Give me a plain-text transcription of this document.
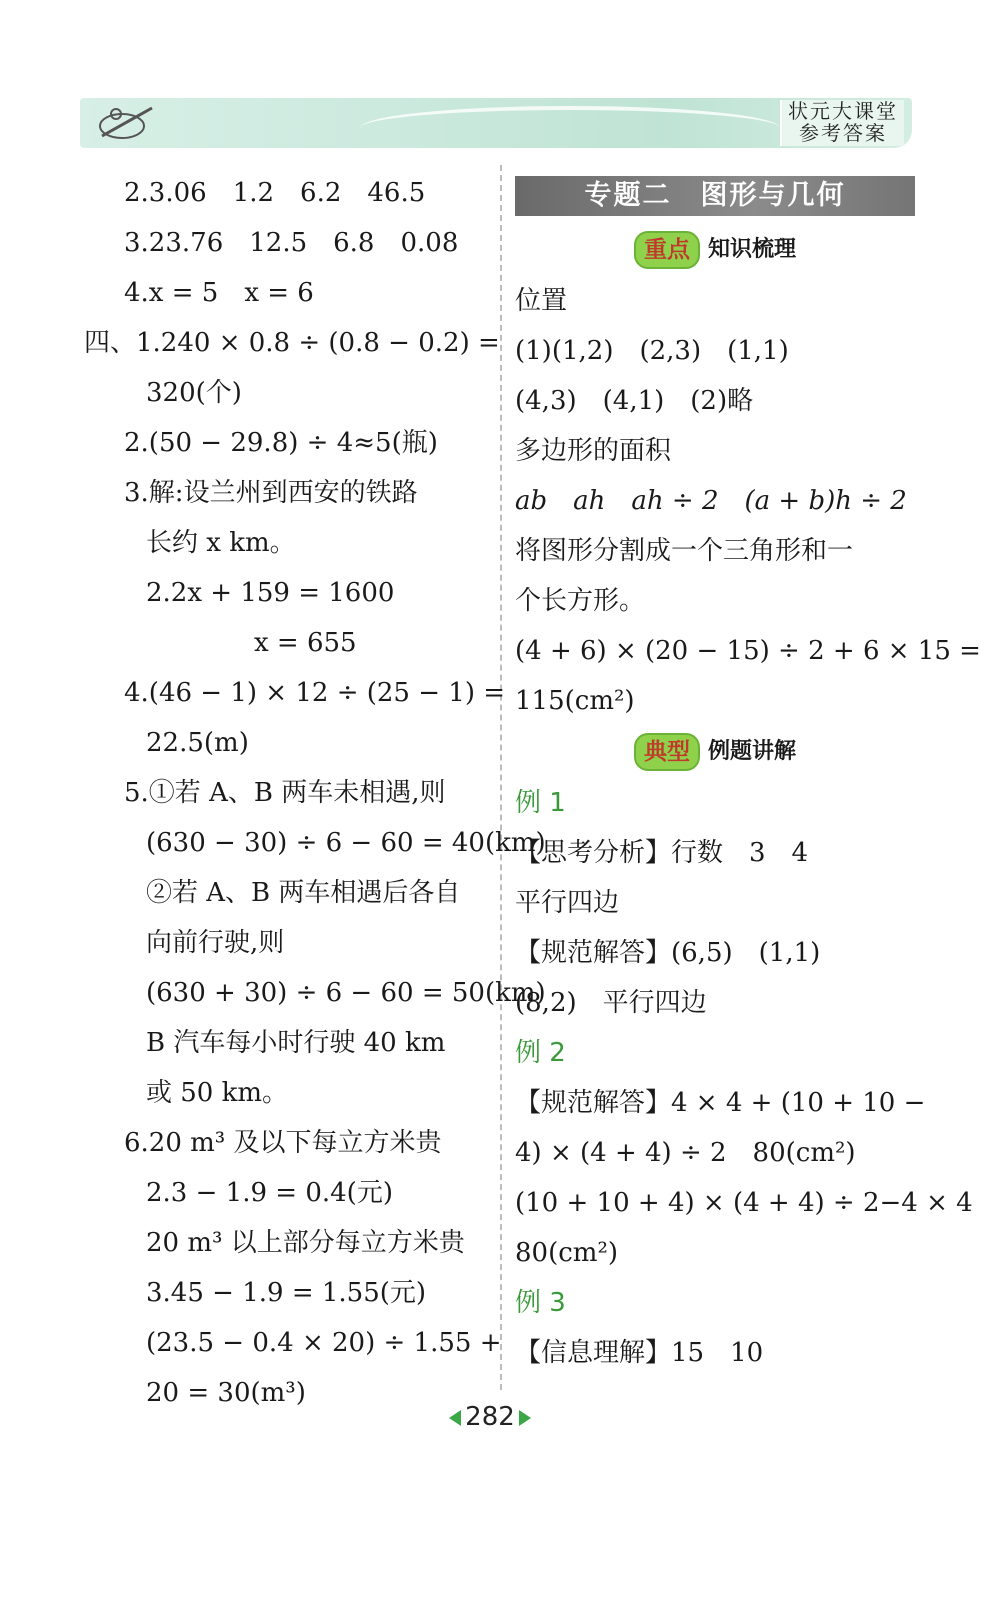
状元大课堂
参考答案
2.3.06　1.2　6.2　46.5
3.23.76　12.5　6.8　0.08
4.x = 5　x = 6
四、1.240 × 0.8 ÷ (0.8 − 0.2) =
320(个)
2.(50 − 29.8) ÷ 4≈5(瓶)
3.解:设兰州到西安的铁路
长约 x km。
2.2x + 159 = 1600
x = 655
4.(46 − 1) × 12 ÷ (25 − 1) =
22.5(m)
5.①若 A、B 两车未相遇,则
(630 − 30) ÷ 6 − 60 = 40(km)
②若 A、B 两车相遇后各自
向前行驶,则
(630 + 30) ÷ 6 − 60 = 50(km)
B 汽车每小时行驶 40 km
或 50 km。
6.20 m³ 及以下每立方米贵
2.3 − 1.9 = 0.4(元)
20 m³ 以上部分每立方米贵
3.45 − 1.9 = 1.55(元)
(23.5 − 0.4 × 20) ÷ 1.55 +
20 = 30(m³)
专题二　图形与几何
重点 知识梳理
位置
(1)(1,2)　(2,3)　(1,1)
(4,3)　(4,1)　(2)略
多边形的面积
ab　ah　ah ÷ 2　(a + b)h ÷ 2
将图形分割成一个三角形和一
个长方形。
(4 + 6) × (20 − 15) ÷ 2 + 6 × 15 =
115(cm²)
典型 例题讲解
例 1
【思考分析】行数　3　4
平行四边
【规范解答】(6,5)　(1,1)
(8,2)　平行四边
例 2
【规范解答】4 × 4 + (10 + 10 −
4) × (4 + 4) ÷ 2　80(cm²)
(10 + 10 + 4) × (4 + 4) ÷ 2−4 × 4
80(cm²)
例 3
【信息理解】15　10
282
